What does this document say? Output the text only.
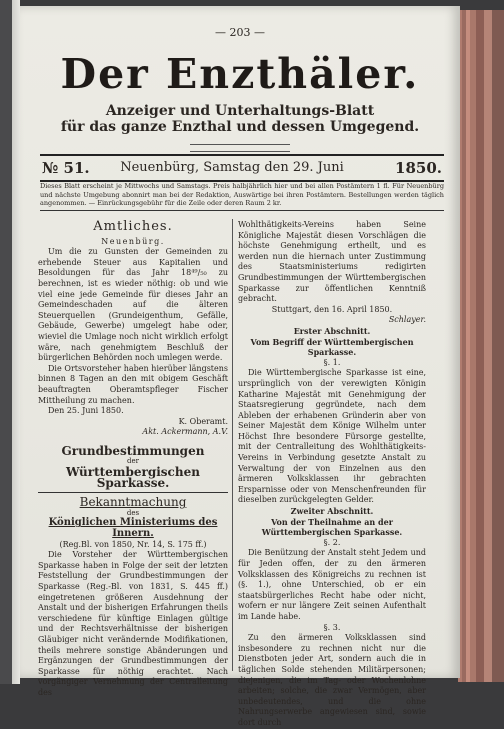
— 203 —
Der Enzthäler.
Anzeiger und Unterhaltungs-Blatt
für das ganze Enzthal und dessen Umgegend.
№ 51.	Neuenbürg, Samstag den 29. Juni	1850.
Dieses Blatt erscheint je Mittwochs und Samstags. Preis halbjährlich hier und bei allen Postämtern 1 fl. Für Neuenbürg und nächste Umgebung abonnirt man bei der Redaktion, Auswärtige bei ihren Postämtern. Bestellungen werden täglich angenommen. — Einrückungsgebühr für die Zeile oder deren Raum 2 kr.
Amtliches.
Neuenbürg.

Um die zu Gunsten der Gemeinden zu erhebende Steuer aus Kapitalien und Besoldungen für das Jahr 18⁴⁹/₅₀ zu berechnen, ist es wieder nöthig: ob und wie viel eine jede Gemeinde für dieses Jahr an Gemeindeschaden auf die älteren Steuerquellen (Grundeigenthum, Gefälle, Gebäude, Gewerbe) umgelegt habe oder, wieviel die Umlage noch nicht wirklich erfolgt wäre, nach genehmigtem Beschluß der bürgerlichen Behörden noch umlegen werde.

Die Ortsvorsteher haben hierüber längstens binnen 8 Tagen an den mit obigem Geschäft beauftragten Oberamtspfleger Fischer Mittheilung zu machen.

Den 25. Juni 1850.

K. Oberamt.
Akt. Ackermann, A.V.
Grundbestimmungen
der
Württembergischen Sparkasse.
Bekanntmachung
des
Königlichen Ministeriums des Innern.
(Reg.Bl. von 1850, Nr. 14, S. 175 ff.)

Die Vorsteher der Württembergischen Sparkasse haben in Folge der seit der letzten Feststellung der Grundbestimmungen der Sparkasse (Reg.-Bl. von 1831, S. 445 ff.) eingetretenen größeren Ausdehnung der Anstalt und der bisherigen Erfahrungen theils verschiedene für künftige Einlagen gültige und der Rechtsverhältnisse der bisherigen Gläubiger nicht verändernde Modifikationen, theils mehrere sonstige Abänderungen und Ergänzungen der Grundbestimmungen der Sparkasse für nöthig erachtet. Nach vorgängiger Vernehmung der Centralleitung des

Wohlthätigkeits-Vereins haben Seine Königliche Majestät diesen Vorschlägen die höchste Genehmigung ertheilt, und es werden nun die hiernach unter Zustimmung des Staatsministeriums redigirten Grundbestimmungen der Württembergischen Sparkasse zur öffentlichen Kenntniß gebracht.

Stuttgart, den 16. April 1850.
Schlayer.
Erster Abschnitt.
Vom Begriff der Württembergischen Sparkasse.
§. 1.

Die Württembergische Sparkasse ist eine, ursprünglich von der verewigten Königin Katharine Majestät mit Genehmigung der Staatsregierung gegründete, nach dem Ableben der erhabenen Gründerin aber von Seiner Majestät dem Könige Wilhelm unter Höchst Ihre besondere Fürsorge gestellte, mit der Centralleitung des Wohlthätigkeits-Vereins in Verbindung gesetzte Anstalt zu Verwaltung der von Einzelnen aus den ärmeren Volksklassen ihr gebrachten Ersparnisse oder von Menschenfreunden für dieselben zurückgelegten Gelder.

Zweiter Abschnitt.
Von der Theilnahme an der Württembergischen Sparkasse.
§. 2.

Die Benützung der Anstalt steht Jedem und für Jeden offen, der zu den ärmeren Volksklassen des Königreichs zu rechnen ist (§. 1.), ohne Unterschied, ob er ein staatsbürgerliches Recht habe oder nicht, wofern er nur längere Zeit seinen Aufenthalt im Lande habe.

§. 3.

Zu den ärmeren Volksklassen sind insbesondere zu rechnen nicht nur die Dienstboten jeder Art, sondern auch die in täglichen Solde stehenden Militärpersonen; diejenigen, die im Tag- oder Wochenlohne arbeiten; solche, die zwar Vermögen, aber unbedeutendes, und die ohne Nahrungserwerbe angewiesen sind, sowie dort durch
